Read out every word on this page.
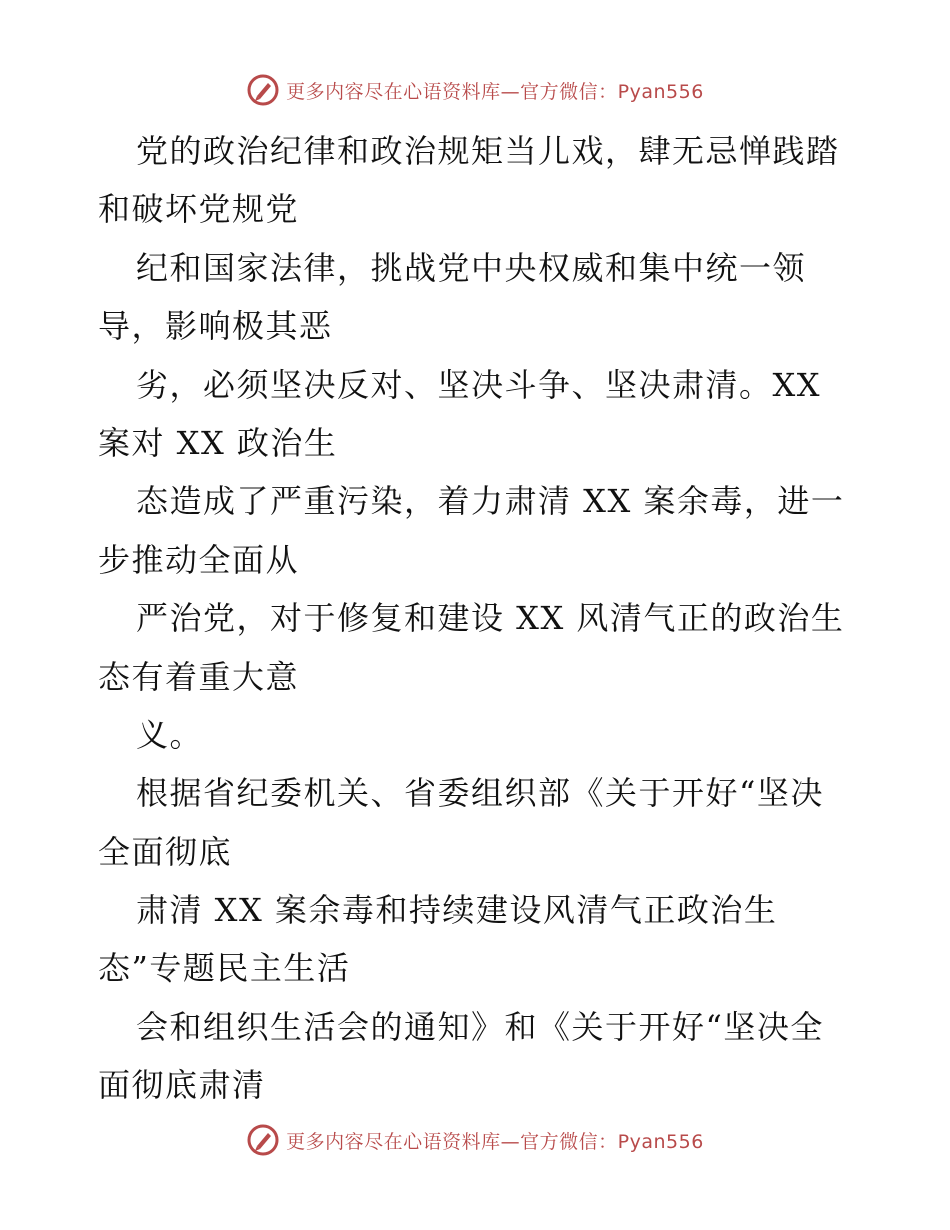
更多内容尽在心语资料库—官方微信：Pyan556
党的政治纪律和政治规矩当儿戏，肆无忌惮践踏
和破坏党规党
纪和国家法律，挑战党中央权威和集中统一领
导，影响极其恶
劣，必须坚决反对、坚决斗争、坚决肃清。XX
案对 XX 政治生
态造成了严重污染，着力肃清 XX 案余毒，进一
步推动全面从
严治党，对于修复和建设 XX 风清气正的政治生
态有着重大意
义。
根据省纪委机关、省委组织部《关于开好“坚决
全面彻底
肃清 XX 案余毒和持续建设风清气正政治生
态”专题民主生活
会和组织生活会的通知》和《关于开好“坚决全
面彻底肃清
更多内容尽在心语资料库—官方微信：Pyan556
